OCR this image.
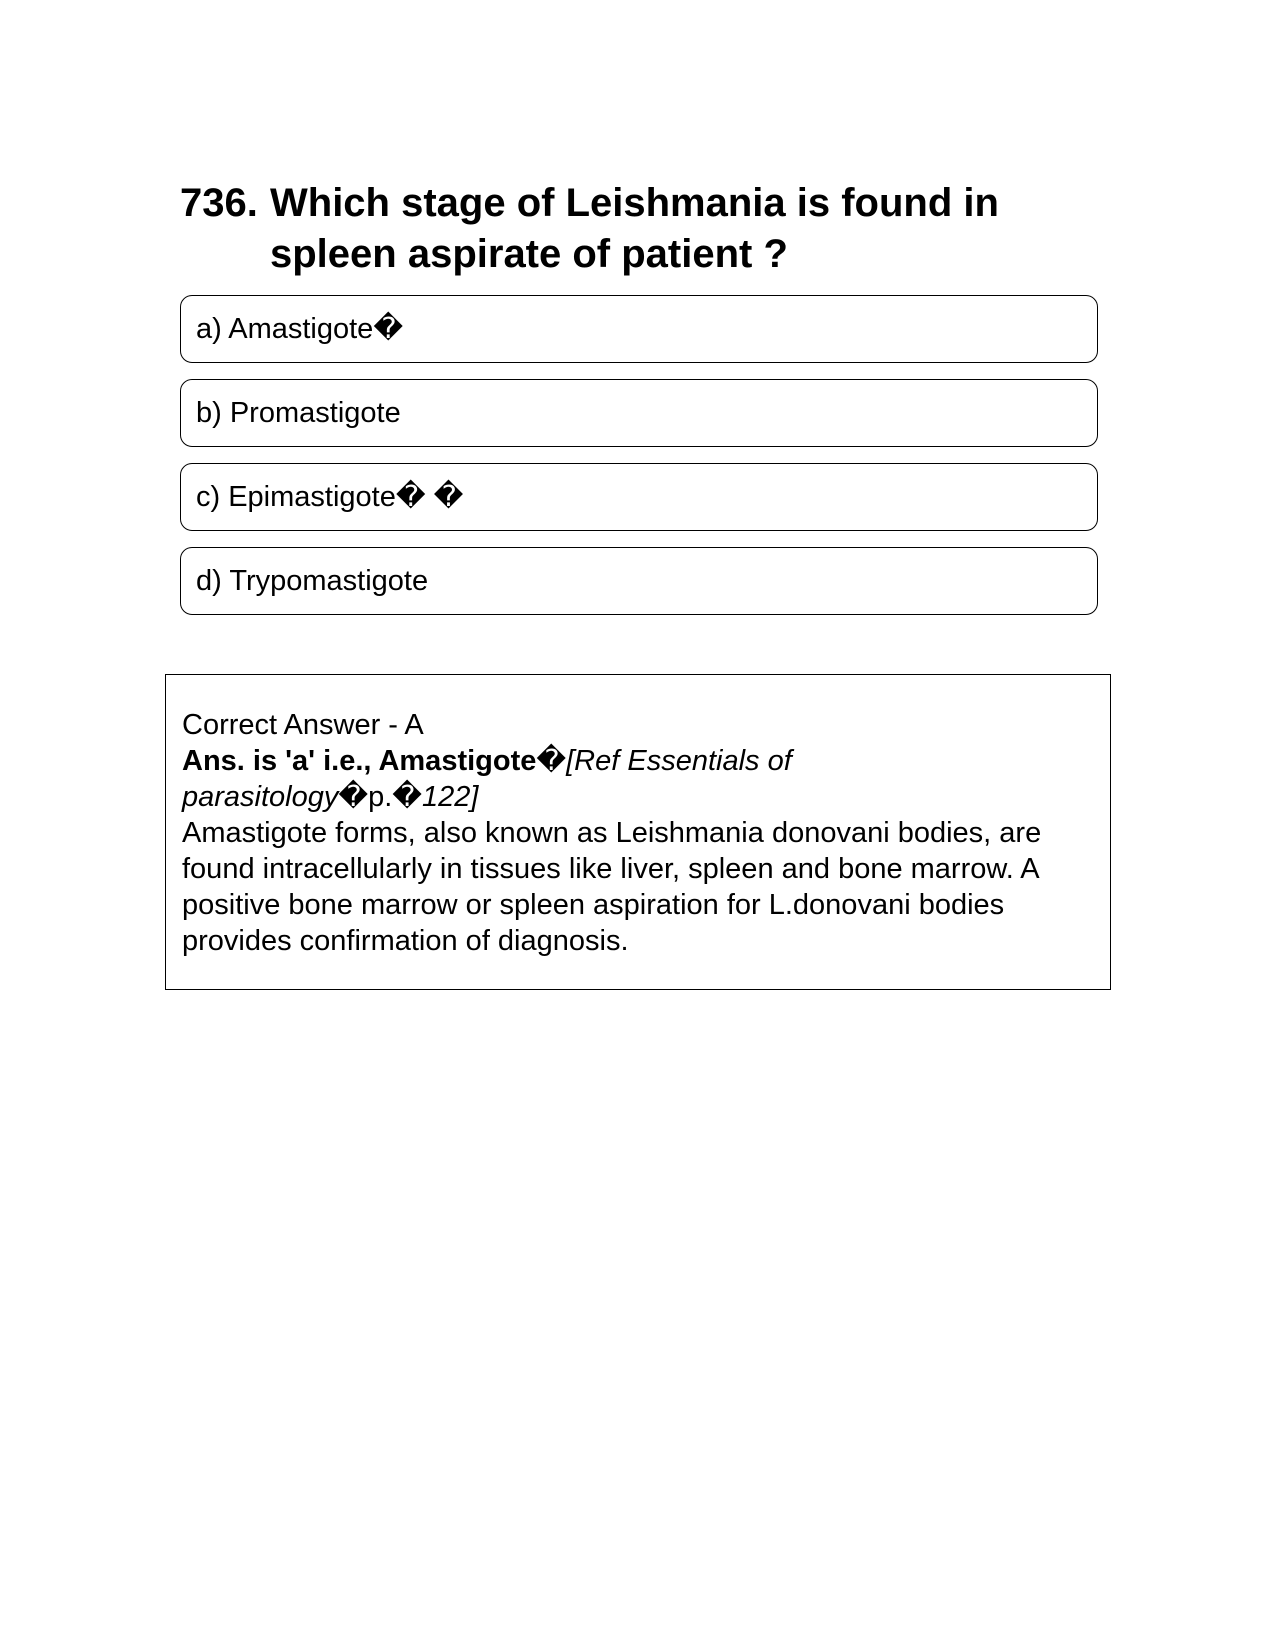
736. Which stage of Leishmania is found in spleen aspirate of patient ?
a) Amastigote�
b) Promastigote
c) Epimastigote� �
d) Trypomastigote

Correct Answer - A

Ans. is 'a' i.e., Amastigote�[Ref Essentials of parasitology�p.�122]

Amastigote forms, also known as Leishmania donovani bodies, are found intracellularly in tissues like liver, spleen and bone marrow. A positive bone marrow or spleen aspiration for L.donovani bodies provides confirmation of diagnosis.
